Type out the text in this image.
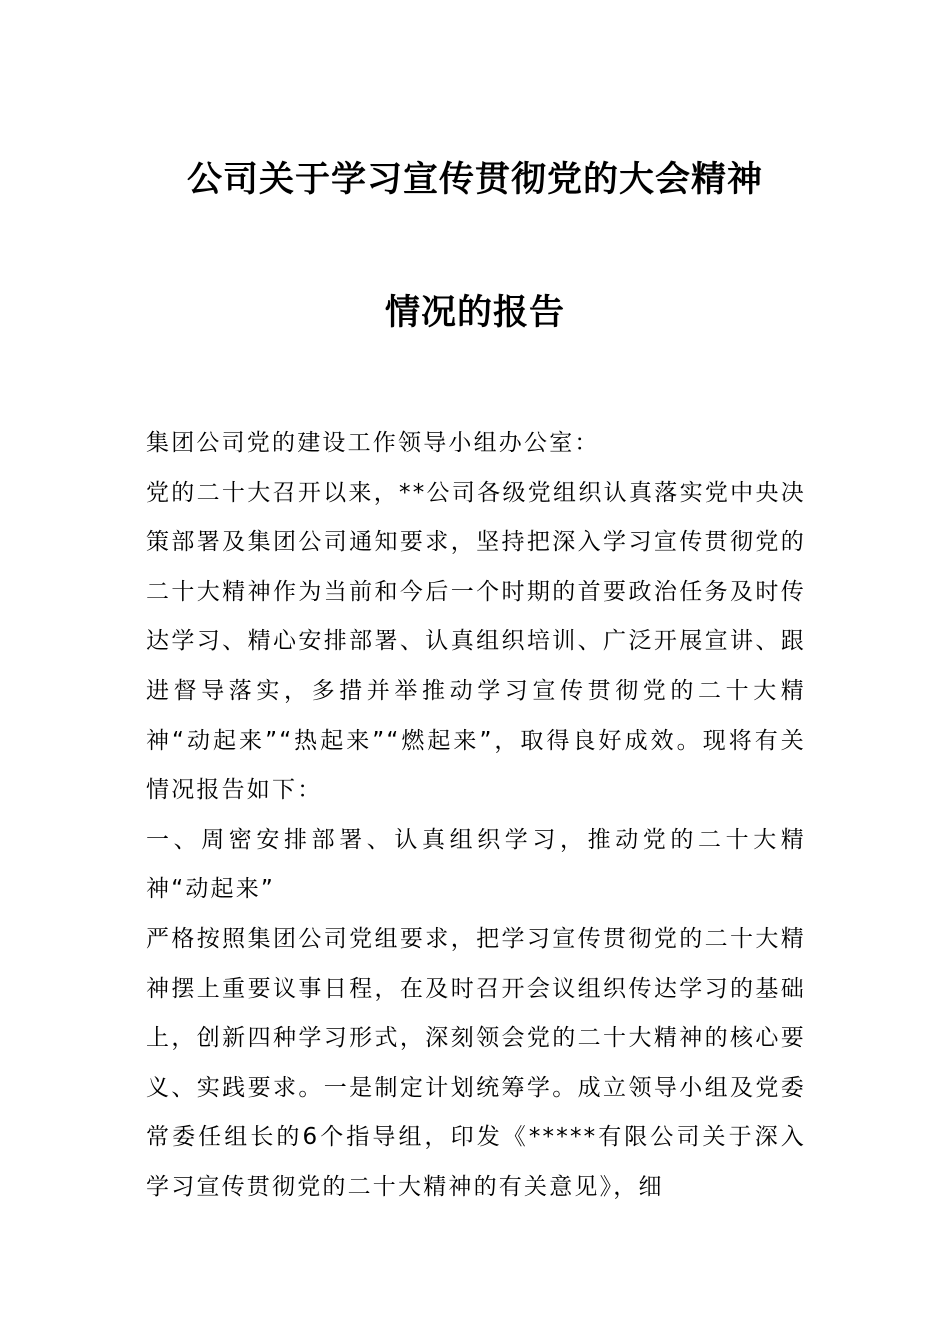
公司关于学习宣传贯彻党的大会精神
情况的报告

集团公司党的建设工作领导小组办公室：

党的二十大召开以来，**公司各级党组织认真落实党中央决策部署及集团公司通知要求，坚持把深入学习宣传贯彻党的二十大精神作为当前和今后一个时期的首要政治任务及时传达学习、精心安排部署、认真组织培训、广泛开展宣讲、跟进督导落实，多措并举推动学习宣传贯彻党的二十大精神“动起来”“热起来”“燃起来”，取得良好成效。现将有关情况报告如下：

一、周密安排部署、认真组织学习，推动党的二十大精神“动起来”

严格按照集团公司党组要求，把学习宣传贯彻党的二十大精神摆上重要议事日程，在及时召开会议组织传达学习的基础上，创新四种学习形式，深刻领会党的二十大精神的核心要义、实践要求。一是制定计划统筹学。成立领导小组及党委常委任组长的6个指导组，印发《*****有限公司关于深入学习宣传贯彻党的二十大精神的有关意见》，细
